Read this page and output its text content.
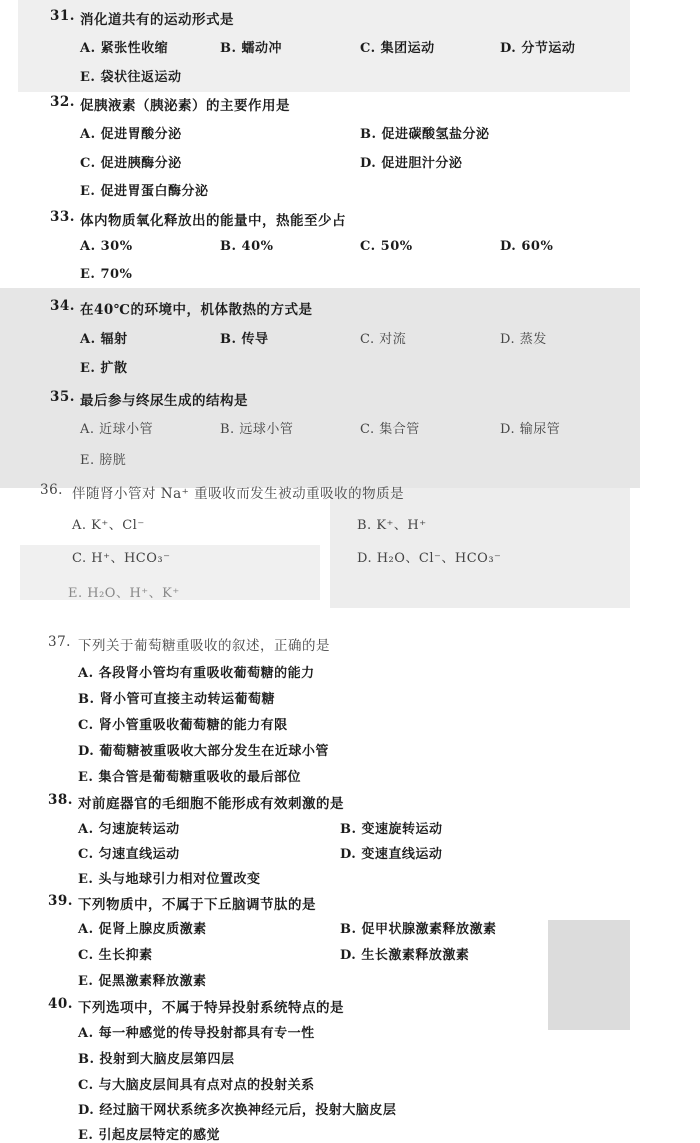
31. 消化道共有的运动形式是
A. 紧张性收缩	B. 蠕动冲	C. 集团运动	D. 分节运动
E. 袋状往返运动
32. 促胰液素（胰泌素）的主要作用是
A. 促进胃酸分泌	B. 促进碳酸氢盐分泌
C. 促进胰酶分泌	D. 促进胆汁分泌
E. 促进胃蛋白酶分泌
33. 体内物质氧化释放出的能量中，热能至少占
A. 30%	B. 40%	C. 50%	D. 60%
E. 70%
34. 在40℃的环境中，机体散热的方式是
A. 辐射	B. 传导	C. 对流	D. 蒸发
E. 扩散
35. 最后参与终尿生成的结构是
A. 近球小管	B. 远球小管	C. 集合管	D. 输尿管
E. 膀胱
36. 伴随肾小管对 Na⁺ 重吸收而发生被动重吸收的物质是
A. K⁺、Cl⁻	B. K⁺、H⁺
C. H⁺、HCO₃⁻	D. H₂O、Cl⁻、HCO₃⁻
E. H₂O、H⁺、K⁺
37. 下列关于葡萄糖重吸收的叙述，正确的是
A. 各段肾小管均有重吸收葡萄糖的能力
B. 肾小管可直接主动转运葡萄糖
C. 肾小管重吸收葡萄糖的能力有限
D. 葡萄糖被重吸收大部分发生在近球小管
E. 集合管是葡萄糖重吸收的最后部位
38. 对前庭器官的毛细胞不能形成有效刺激的是
A. 匀速旋转运动	B. 变速旋转运动
C. 匀速直线运动	D. 变速直线运动
E. 头与地球引力相对位置改变
39. 下列物质中，不属于下丘脑调节肽的是
A. 促肾上腺皮质激素	B. 促甲状腺激素释放激素
C. 生长抑素	D. 生长激素释放激素
E. 促黑激素释放激素
40. 下列选项中，不属于特异投射系统特点的是
A. 每一种感觉的传导投射都具有专一性
B. 投射到大脑皮层第四层
C. 与大脑皮层间具有点对点的投射关系
D. 经过脑干网状系统多次换神经元后，投射大脑皮层
E. 引起皮层特定的感觉
